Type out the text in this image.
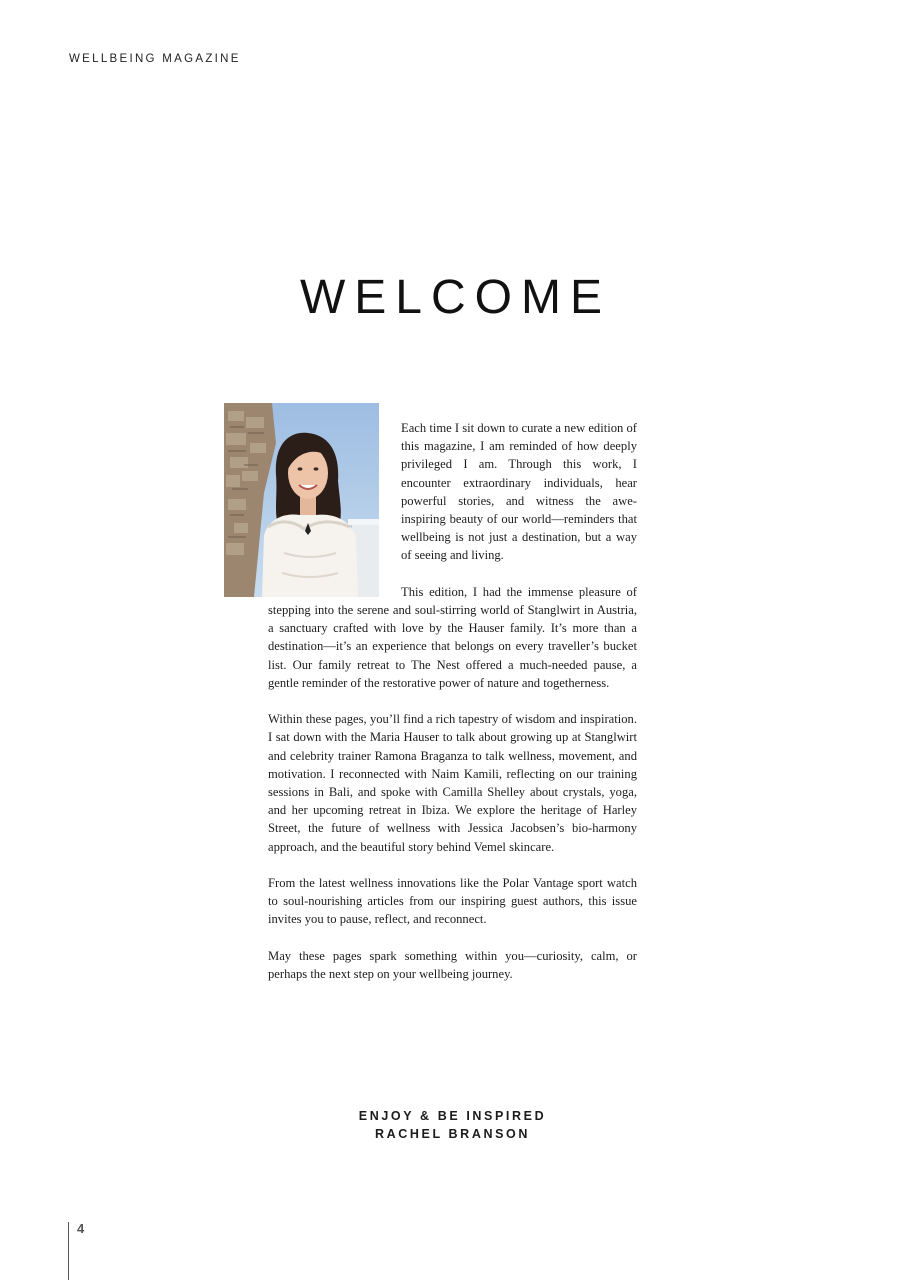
WELLBEING MAGAZINE
WELCOME

Each time I sit down to curate a new edition of this magazine, I am reminded of how deeply privileged I am. Through this work, I encounter extraordinary individuals, hear powerful stories, and witness the awe-inspiring beauty of our world—reminders that wellbeing is not just a destination, but a way of seeing and living.

This edition, I had the immense pleasure of stepping into the serene and soul-stirring world of Stanglwirt in Austria, a sanctuary crafted with love by the Hauser family. It’s more than a destination—it’s an experience that belongs on every traveller’s bucket list. Our family retreat to The Nest offered a much-needed pause, a gentle reminder of the restorative power of nature and togetherness.

Within these pages, you’ll find a rich tapestry of wisdom and inspiration. I sat down with the Maria Hauser to talk about growing up at Stanglwirt and celebrity trainer Ramona Braganza to talk wellness, movement, and motivation. I reconnected with Naim Kamili, reflecting on our training sessions in Bali, and spoke with Camilla Shelley about crystals, yoga, and her upcoming retreat in Ibiza. We explore the heritage of Harley Street, the future of wellness with Jessica Jacobsen’s bio-harmony approach, and the beautiful story behind Vemel skincare.

From the latest wellness innovations like the Polar Vantage sport watch to soul-nourishing articles from our inspiring guest authors, this issue invites you to pause, reflect, and reconnect.

May these pages spark something within you—curiosity, calm, or perhaps the next step on your wellbeing journey.

ENJOY & BE INSPIRED
RACHEL BRANSON
4
